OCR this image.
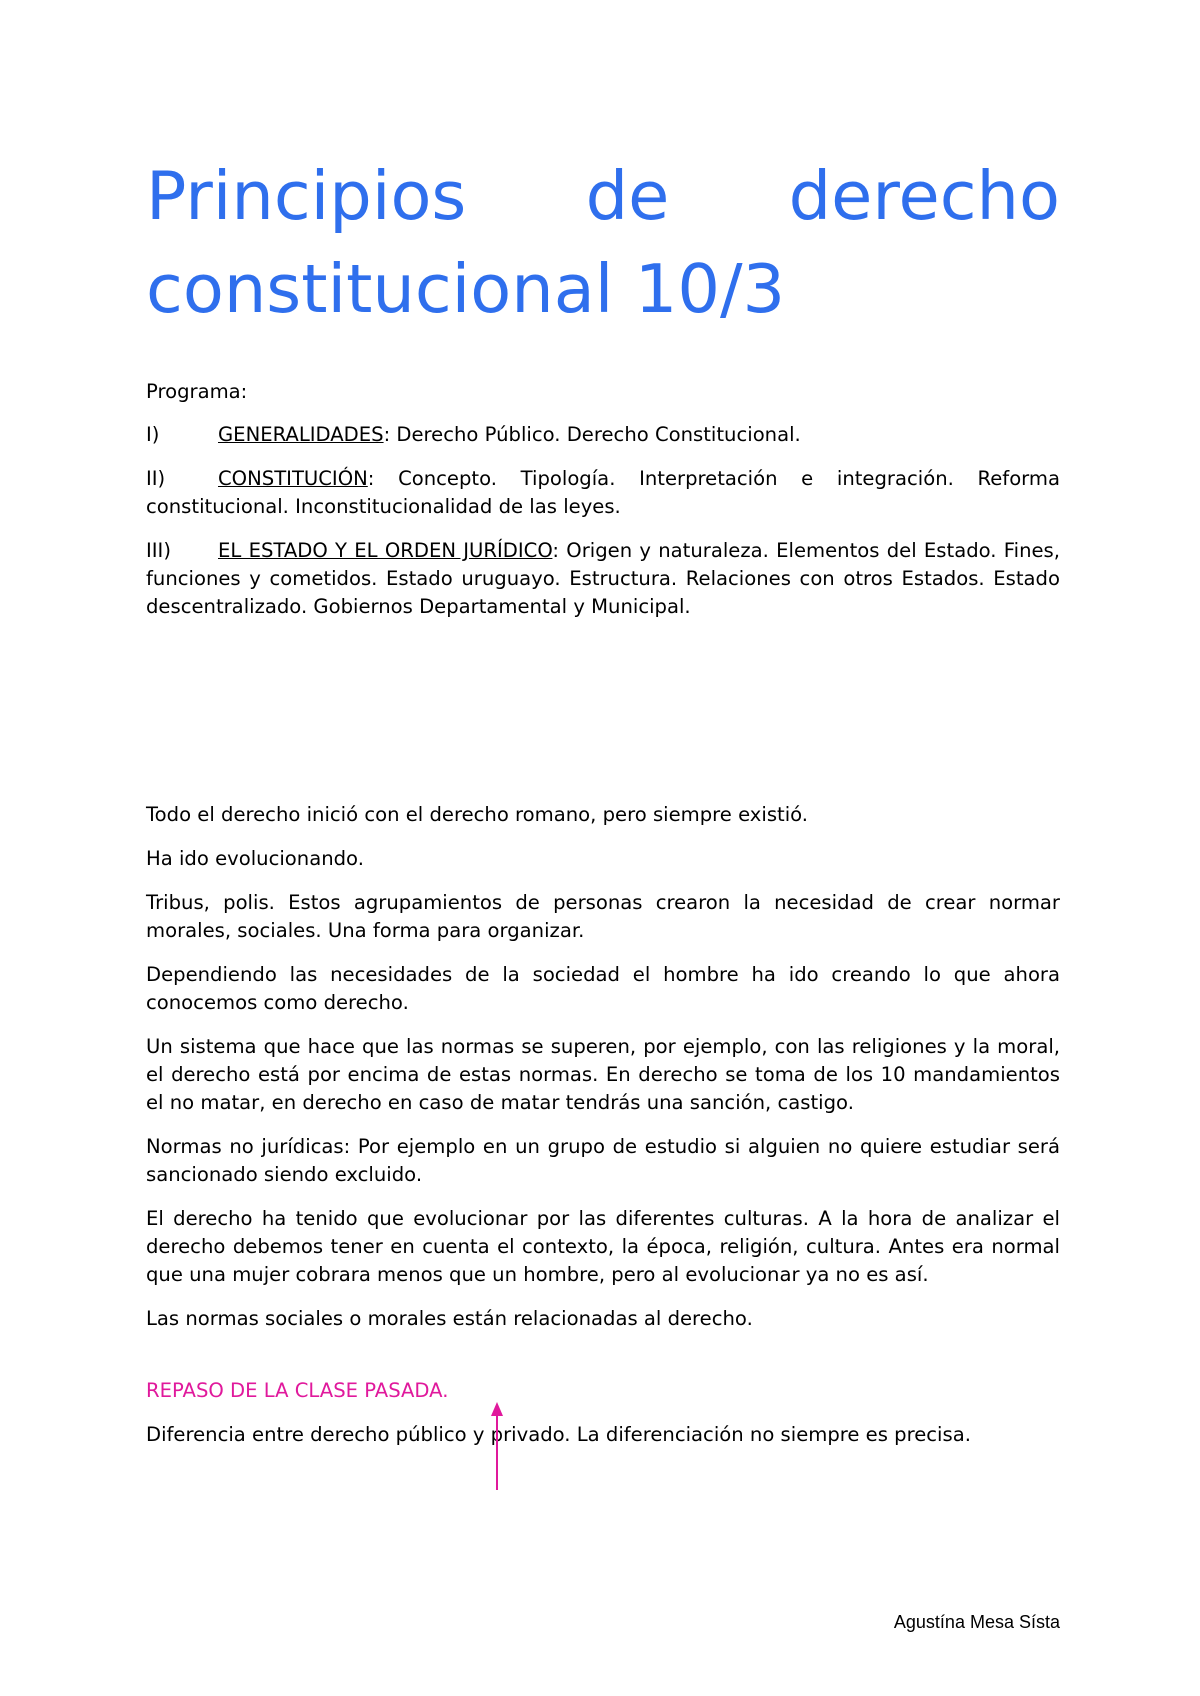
Principios de derecho constitucional 10/3

Programa:

I)	GENERALIDADES: Derecho Público. Derecho Constitucional.

II)	CONSTITUCIÓN: Concepto. Tipología. Interpretación e integración. Reforma constitucional. Inconstitucionalidad de las leyes.

III) EL ESTADO Y EL ORDEN JURÍDICO: Origen y naturaleza. Elementos del Estado. Fines, funciones y cometidos. Estado uruguayo. Estructura. Relaciones con otros Estados. Estado descentralizado. Gobiernos Departamental y Municipal.

Todo el derecho inició con el derecho romano, pero siempre existió.

Ha ido evolucionando.

Tribus, polis. Estos agrupamientos de personas crearon la necesidad de crear normar morales, sociales. Una forma para organizar.

Dependiendo las necesidades de la sociedad el hombre ha ido creando lo que ahora conocemos como derecho.

Un sistema que hace que las normas se superen, por ejemplo, con las religiones y la moral, el derecho está por encima de estas normas. En derecho se toma de los 10 mandamientos el no matar, en derecho en caso de matar tendrás una sanción, castigo.

Normas no jurídicas: Por ejemplo en un grupo de estudio si alguien no quiere estudiar será sancionado siendo excluido.

El derecho ha tenido que evolucionar por las diferentes culturas. A la hora de analizar el derecho debemos tener en cuenta el contexto, la época, religión, cultura. Antes era normal que una mujer cobrara menos que un hombre, pero al evolucionar ya no es así.

Las normas sociales o morales están relacionadas al derecho.

REPASO DE LA CLASE PASADA.

Diferencia entre derecho público y privado. La diferenciación no siempre es precisa.

Agustína Mesa Sísta
